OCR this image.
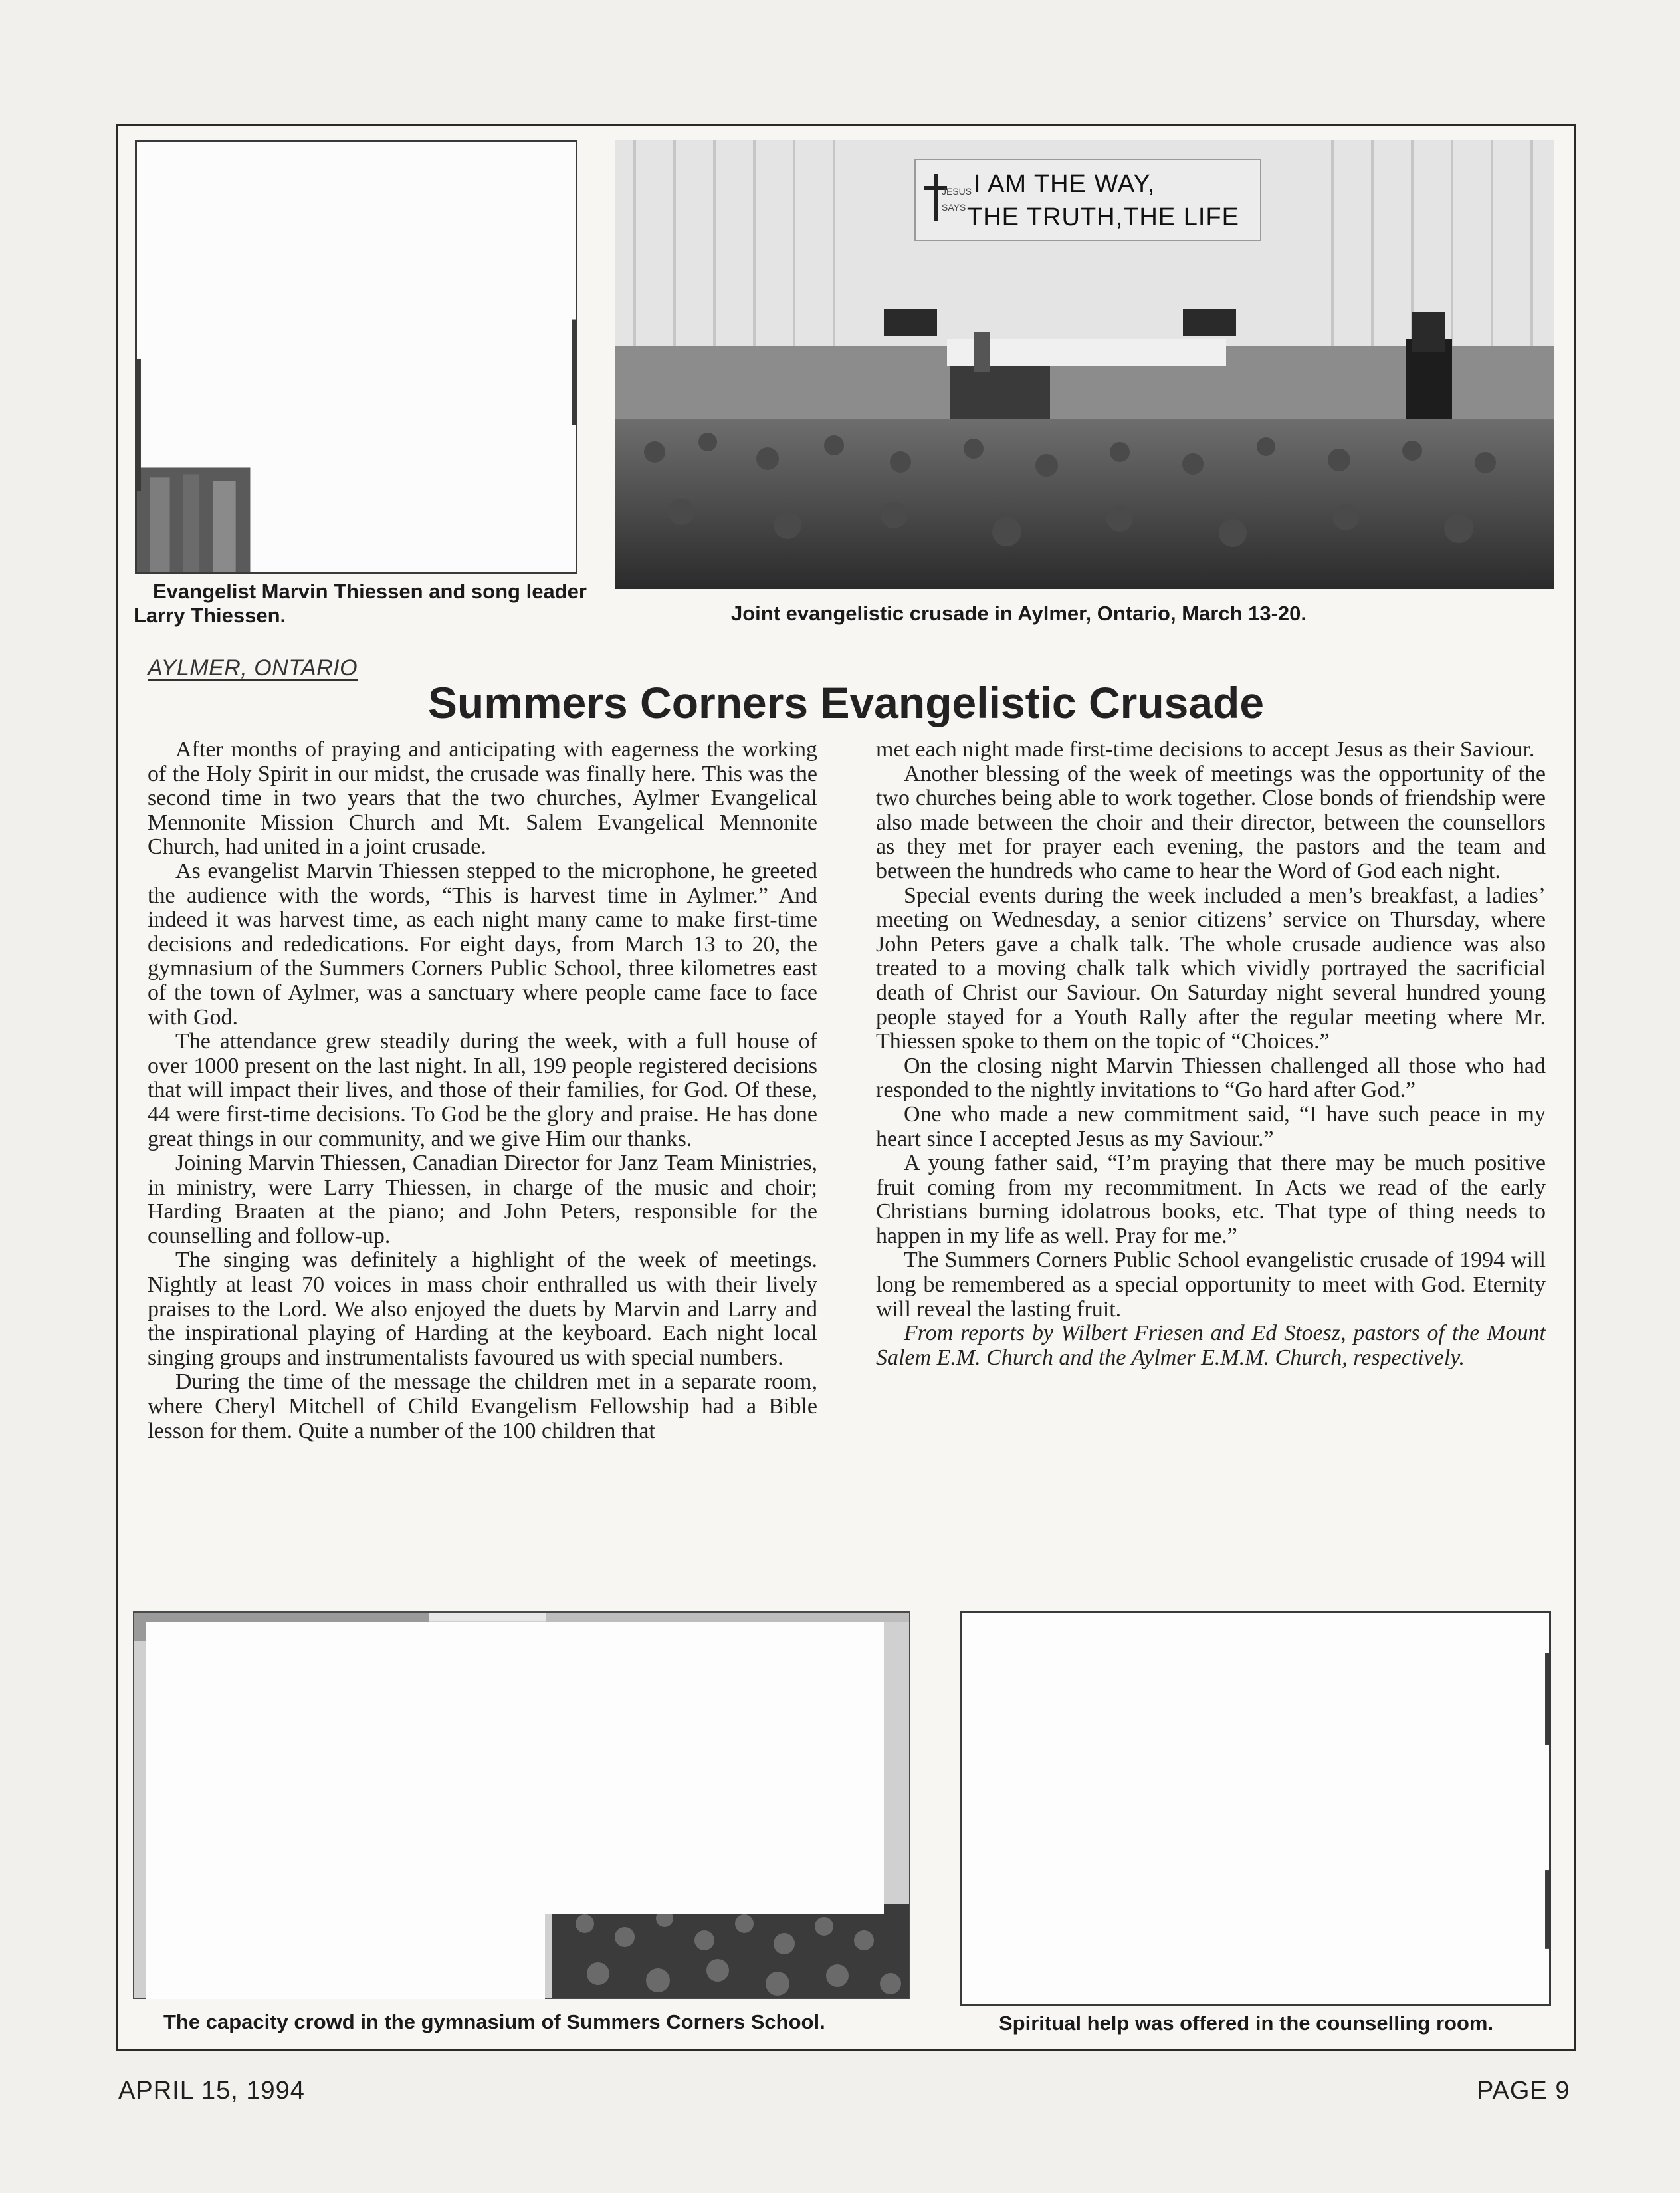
Evangelist Marvin Thiessen and song leader
Larry Thiessen.
JESUS
SAYS
I AM THE WAY,
THE TRUTH,THE LIFE
Joint evangelistic crusade in Aylmer, Ontario, March 13-20.
AYLMER, ONTARIO
Summers Corners Evangelistic Crusade

After months of praying and anticipating with eagerness the working of the Holy Spirit in our midst, the crusade was finally here. This was the second time in two years that the two churches, Aylmer Evangelical Mennonite Mission Church and Mt. Salem Evangelical Mennonite Church, had united in a joint crusade.

As evangelist Marvin Thiessen stepped to the microphone, he greeted the audience with the words, “This is harvest time in Aylmer.” And indeed it was harvest time, as each night many came to make first-time decisions and rededications. For eight days, from March 13 to 20, the gymnasium of the Summers Corners Public School, three kilometres east of the town of Aylmer, was a sanctuary where people came face to face with God.

The attendance grew steadily during the week, with a full house of over 1000 present on the last night. In all, 199 people registered decisions that will impact their lives, and those of their families, for God. Of these, 44 were first-time decisions. To God be the glory and praise. He has done great things in our community, and we give Him our thanks.

Joining Marvin Thiessen, Canadian Director for Janz Team Ministries, in ministry, were Larry Thiessen, in charge of the music and choir; Harding Braaten at the piano; and John Peters, responsible for the counselling and follow-up.

The singing was definitely a highlight of the week of meetings. Nightly at least 70 voices in mass choir enthralled us with their lively praises to the Lord. We also enjoyed the duets by Marvin and Larry and the inspirational playing of Harding at the keyboard. Each night local singing groups and instrumentalists favoured us with special numbers.

During the time of the message the children met in a separate room, where Cheryl Mitchell of Child Evangelism Fellowship had a Bible lesson for them. Quite a number of the 100 children that

met each night made first-time decisions to accept Jesus as their Saviour.

Another blessing of the week of meetings was the opportunity of the two churches being able to work together. Close bonds of friendship were also made between the choir and their director, between the counsellors as they met for prayer each evening, the pastors and the team and between the hundreds who came to hear the Word of God each night.

Special events during the week included a men’s breakfast, a ladies’ meeting on Wednesday, a senior citizens’ service on Thursday, where John Peters gave a chalk talk. The whole crusade audience was also treated to a moving chalk talk which vividly portrayed the sacrificial death of Christ our Saviour. On Saturday night several hundred young people stayed for a Youth Rally after the regular meeting where Mr. Thiessen spoke to them on the topic of “Choices.”

On the closing night Marvin Thiessen challenged all those who had responded to the nightly invitations to “Go hard after God.”

One who made a new commitment said, “I have such peace in my heart since I accepted Jesus as my Saviour.”

A young father said, “I’m praying that there may be much positive fruit coming from my recommitment. In Acts we read of the early Christians burning idolatrous books, etc. That type of thing needs to happen in my life as well. Pray for me.”

The Summers Corners Public School evangelistic crusade of 1994 will long be remembered as a special opportunity to meet with God. Eternity will reveal the lasting fruit.

From reports by Wilbert Friesen and Ed Stoesz, pastors of the Mount Salem E.M. Church and the Aylmer E.M.M. Church, respectively.

The capacity crowd in the gymnasium of Summers Corners School.	Spiritual help was offered in the counselling room.
APRIL 15, 1994	PAGE 9
